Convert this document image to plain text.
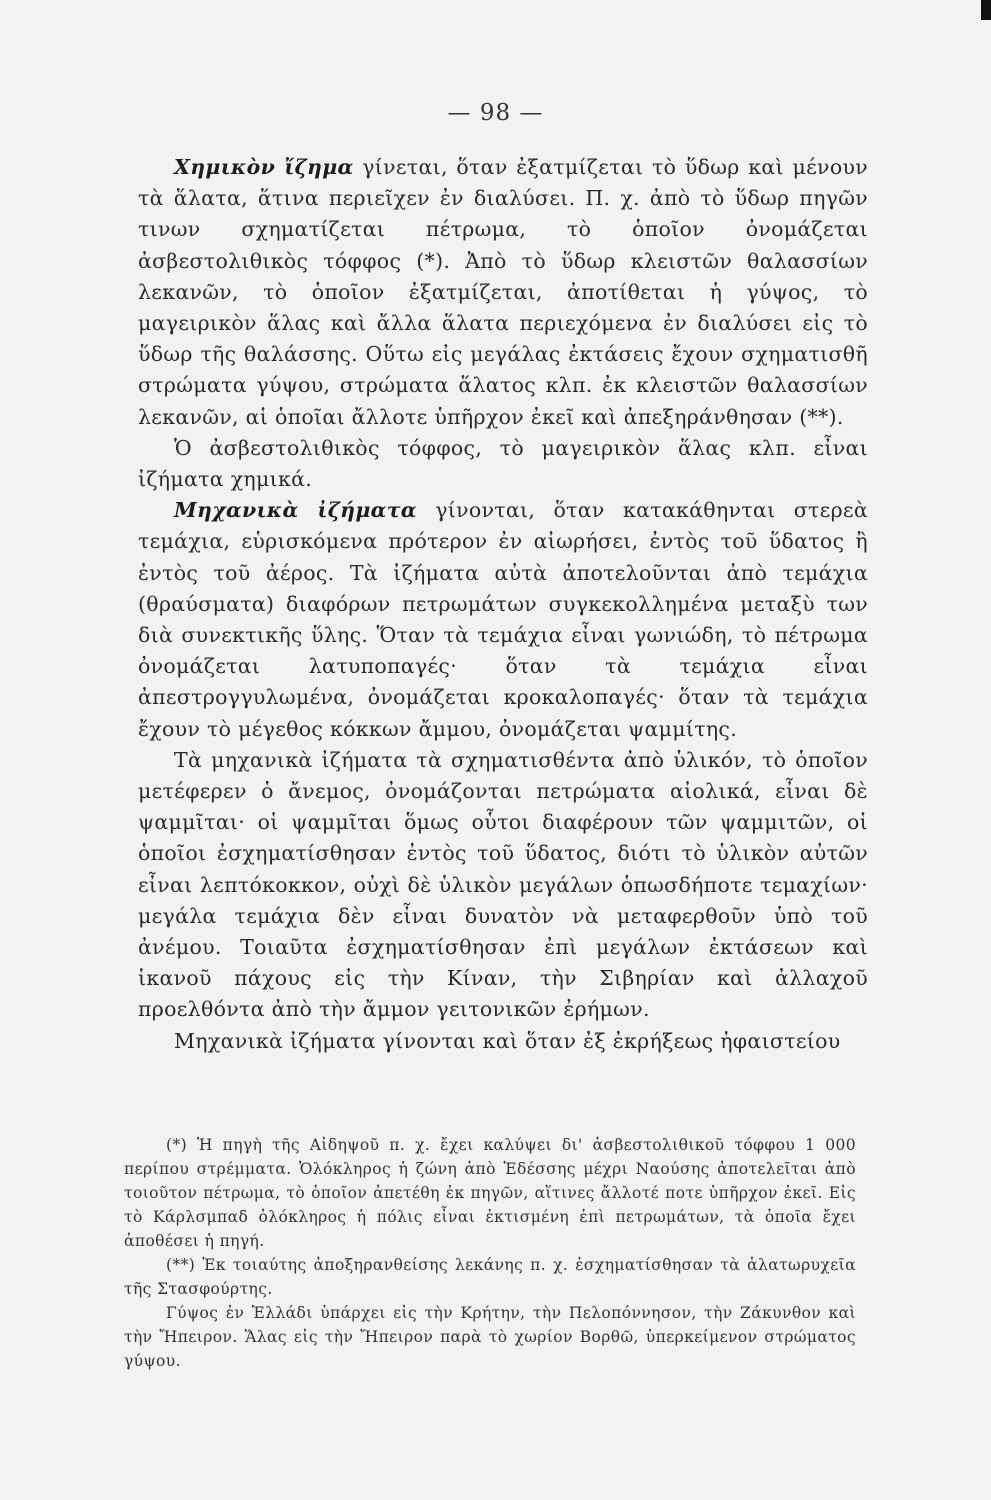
— 98 —

Χημικὸν ἴζημα γίνεται, ὅταν ἐξατμίζεται τὸ ὕδωρ καὶ μένουν τὰ ἅλατα, ἅτινα περιεῖχεν ἐν διαλύσει. Π. χ. ἀπὸ τὸ ὕδωρ πηγῶν τινων σχηματίζεται πέτρωμα, τὸ ὁποῖον ὀνομάζεται ἀσβεστολιθικὸς τόφφος (*). Ἀπὸ τὸ ὕδωρ κλειστῶν θαλασσίων λεκανῶν, τὸ ὁποῖον ἐξατμίζεται, ἀποτίθεται ἡ γύψος, τὸ μαγειρικὸν ἅλας καὶ ἄλλα ἅλατα περιεχόμενα ἐν διαλύσει εἰς τὸ ὕδωρ τῆς θαλάσσης. Οὕτω εἰς μεγάλας ἐκτάσεις ἔχουν σχηματισθῆ στρώματα γύψου, στρώματα ἅλατος κλπ. ἐκ κλειστῶν θαλασσίων λεκανῶν, αἱ ὁποῖαι ἄλλοτε ὑπῆρχον ἐκεῖ καὶ ἀπεξηράνθησαν (**).

Ὁ ἀσβεστολιθικὸς τόφφος, τὸ μαγειρικὸν ἅλας κλπ. εἶναι ἰζήματα χημικά.

Μηχανικὰ ἰζήματα γίνονται, ὅταν κατακάθηνται στερεὰ τεμάχια, εὑρισκόμενα πρότερον ἐν αἰωρήσει, ἐντὸς τοῦ ὕδατος ἢ ἐντὸς τοῦ ἀέρος. Τὰ ἰζήματα αὐτὰ ἀποτελοῦνται ἀπὸ τεμάχια (θραύσματα) διαφόρων πετρωμάτων συγκεκολλημένα μεταξὺ των διὰ συνεκτικῆς ὕλης. Ὅταν τὰ τεμάχια εἶναι γωνιώδη, τὸ πέτρωμα ὀνομάζεται λατυποπαγές· ὅταν τὰ τεμάχια εἶναι ἀπεστρογγυλωμένα, ὀνομάζεται κροκαλοπαγές· ὅταν τὰ τεμάχια ἔχουν τὸ μέγεθος κόκκων ἄμμου, ὀνομάζεται ψαμμίτης.

Τὰ μηχανικὰ ἰζήματα τὰ σχηματισθέντα ἀπὸ ὑλικόν, τὸ ὁποῖον μετέφερεν ὁ ἄνεμος, ὀνομάζονται πετρώματα αἰολικά, εἶναι δὲ ψαμμῖται· οἱ ψαμμῖται ὅμως οὗτοι διαφέρουν τῶν ψαμμιτῶν, οἱ ὁποῖοι ἐσχηματίσθησαν ἐντὸς τοῦ ὕδατος, διότι τὸ ὑλικὸν αὐτῶν εἶναι λεπτόκοκκον, οὐχὶ δὲ ὑλικὸν μεγάλων ὁπωσδήποτε τεμαχίων· μεγάλα τεμάχια δὲν εἶναι δυνατὸν νὰ μεταφερθοῦν ὑπὸ τοῦ ἀνέμου. Τοιαῦτα ἐσχηματίσθησαν ἐπὶ μεγάλων ἐκτάσεων καὶ ἱκανοῦ πάχους εἰς τὴν Κίναν, τὴν Σιβηρίαν καὶ ἀλλαχοῦ προελθόντα ἀπὸ τὴν ἄμμον γειτονικῶν ἐρήμων.

Μηχανικὰ ἰζήματα γίνονται καὶ ὅταν ἐξ ἐκρήξεως ἡφαιστείου

(*) Ἡ πηγὴ τῆς Αἰδηψοῦ π. χ. ἔχει καλύψει δι' ἀσβεστολιθικοῦ τόφφου 1 000 περίπου στρέμματα. Ὁλόκληρος ἡ ζώνη ἀπὸ Ἐδέσσης μέχρι Ναούσης ἀποτελεῖται ἀπὸ τοιοῦτον πέτρωμα, τὸ ὁποῖον ἀπετέθη ἐκ πηγῶν, αἵτινες ἄλλοτέ ποτε ὑπῆρχον ἐκεῖ. Εἰς τὸ Κάρλσμπαδ ὁλόκληρος ἡ πόλις εἶναι ἐκτισμένη ἐπὶ πετρωμάτων, τὰ ὁποῖα ἔχει ἀποθέσει ἡ πηγή.

(**) Ἐκ τοιαύτης ἀποξηρανθείσης λεκάνης π. χ. ἐσχηματίσθησαν τὰ ἁλατωρυχεῖα τῆς Στασφούρτης.

Γύψος ἐν Ἑλλάδι ὑπάρχει εἰς τὴν Κρήτην, τὴν Πελοπόννησον, τὴν Ζάκυνθον καὶ τὴν Ἤπειρον. Ἅλας εἰς τὴν Ἤπειρον παρὰ τὸ χωρίον Βορθῶ, ὑπερκείμενον στρώματος γύψου.
